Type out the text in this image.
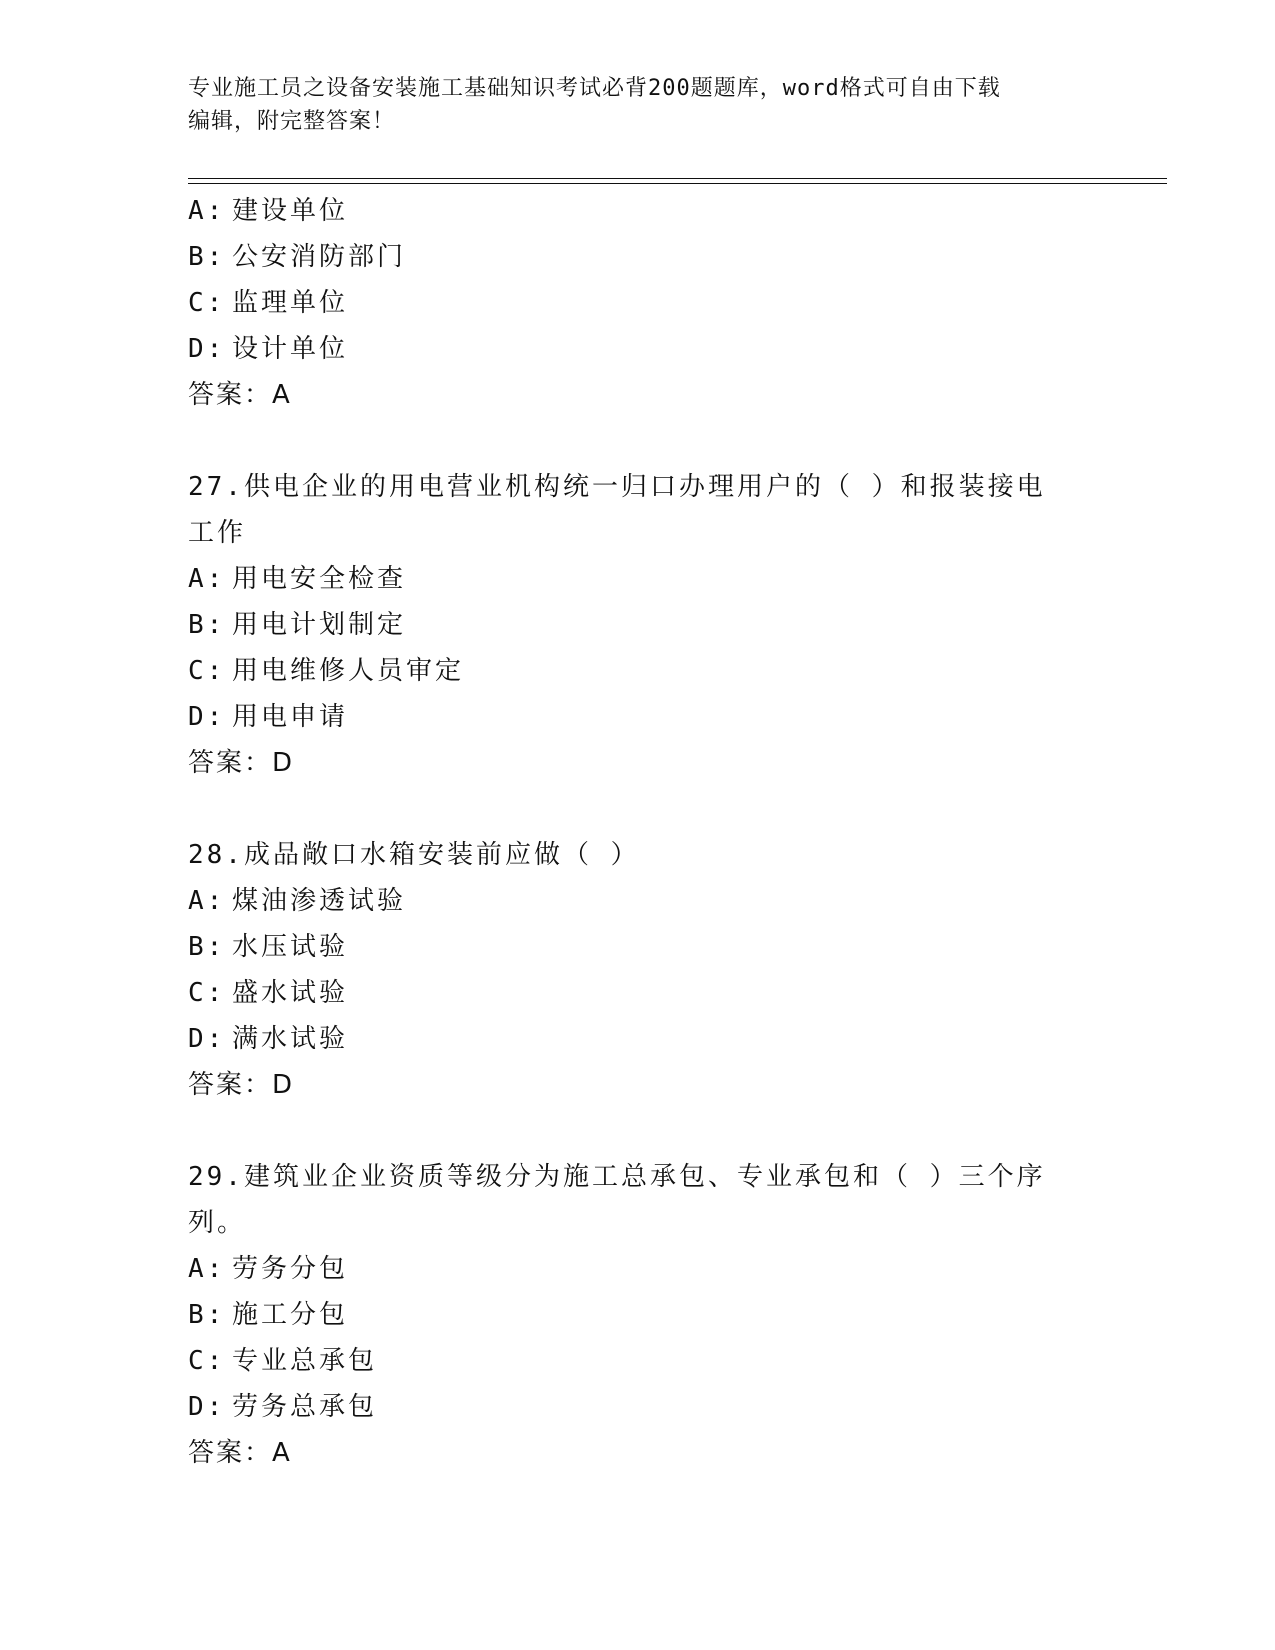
专业施工员之设备安装施工基础知识考试必背200题题库，word格式可自由下载
编辑，附完整答案！
A: 建设单位
B: 公安消防部门
C: 监理单位
D: 设计单位
答案：A
27.供电企业的用电营业机构统一归口办理用户的（ ）和报装接电工作
A: 用电安全检查
B: 用电计划制定
C: 用电维修人员审定
D: 用电申请
答案：D
28.成品敞口水箱安装前应做（ ）
A: 煤油渗透试验
B: 水压试验
C: 盛水试验
D: 满水试验
答案：D
29.建筑业企业资质等级分为施工总承包、专业承包和（ ）三个序列。
A: 劳务分包
B: 施工分包
C: 专业总承包
D: 劳务总承包
答案：A
